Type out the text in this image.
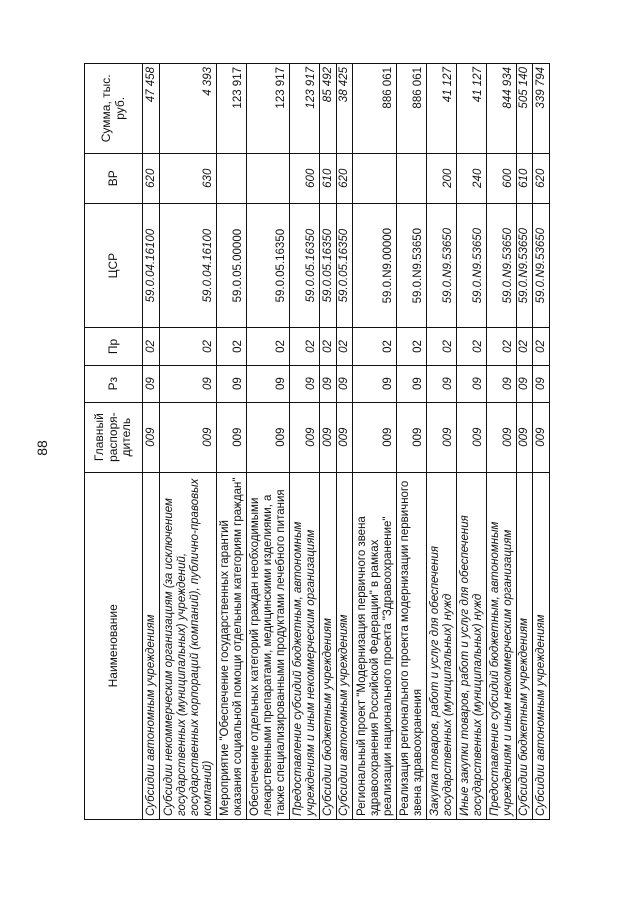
88
Наименование	Главный распоря-дитель	Рз	Пр	ЦСР	ВР	Сумма, тыс. руб.
Субсидии автономным учреждениям	009	09	02	59.0.04.16100	620	47 458
Субсидии некоммерческим организациям (за исключением государственных (муниципальных) учреждений, государственных корпораций (компаний), публично-правовых компаний)	009	09	02	59.0.04.16100	630	4 393
Мероприятие "Обеспечение государственных гарантий оказания социальной помощи отдельным категориям граждан"	009	09	02	59.0.05.00000		123 917
Обеспечение отдельных категорий граждан необходимыми лекарственными препаратами, медицинскими изделиями, а также специализированными продуктами лечебного питания	009	09	02	59.0.05.16350		123 917
Предоставление субсидий бюджетным, автономным учреждениям и иным некоммерческим организациям	009	09	02	59.0.05.16350	600	123 917
Субсидии бюджетным учреждениям	009	09	02	59.0.05.16350	610	85 492
Субсидии автономным учреждениям	009	09	02	59.0.05.16350	620	38 425
Региональный проект "Модернизация первичного звена здравоохранения Российской Федерации" в рамках реализации национального проекта "Здравоохранение"	009	09	02	59.0.N9.00000		886 061
Реализация регионального проекта модернизации первичного звена здравоохранения	009	09	02	59.0.N9.53650		886 061
Закупка товаров, работ и услуг для обеспечения государственных (муниципальных) нужд	009	09	02	59.0.N9.53650	200	41 127
Иные закупки товаров, работ и услуг для обеспечения государственных (муниципальных) нужд	009	09	02	59.0.N9.53650	240	41 127
Предоставление субсидий бюджетным, автономным учреждениям и иным некоммерческим организациям	009	09	02	59.0.N9.53650	600	844 934
Субсидии бюджетным учреждениям	009	09	02	59.0.N9.53650	610	505 140
Субсидии автономным учреждениям	009	09	02	59.0.N9.53650	620	339 794
